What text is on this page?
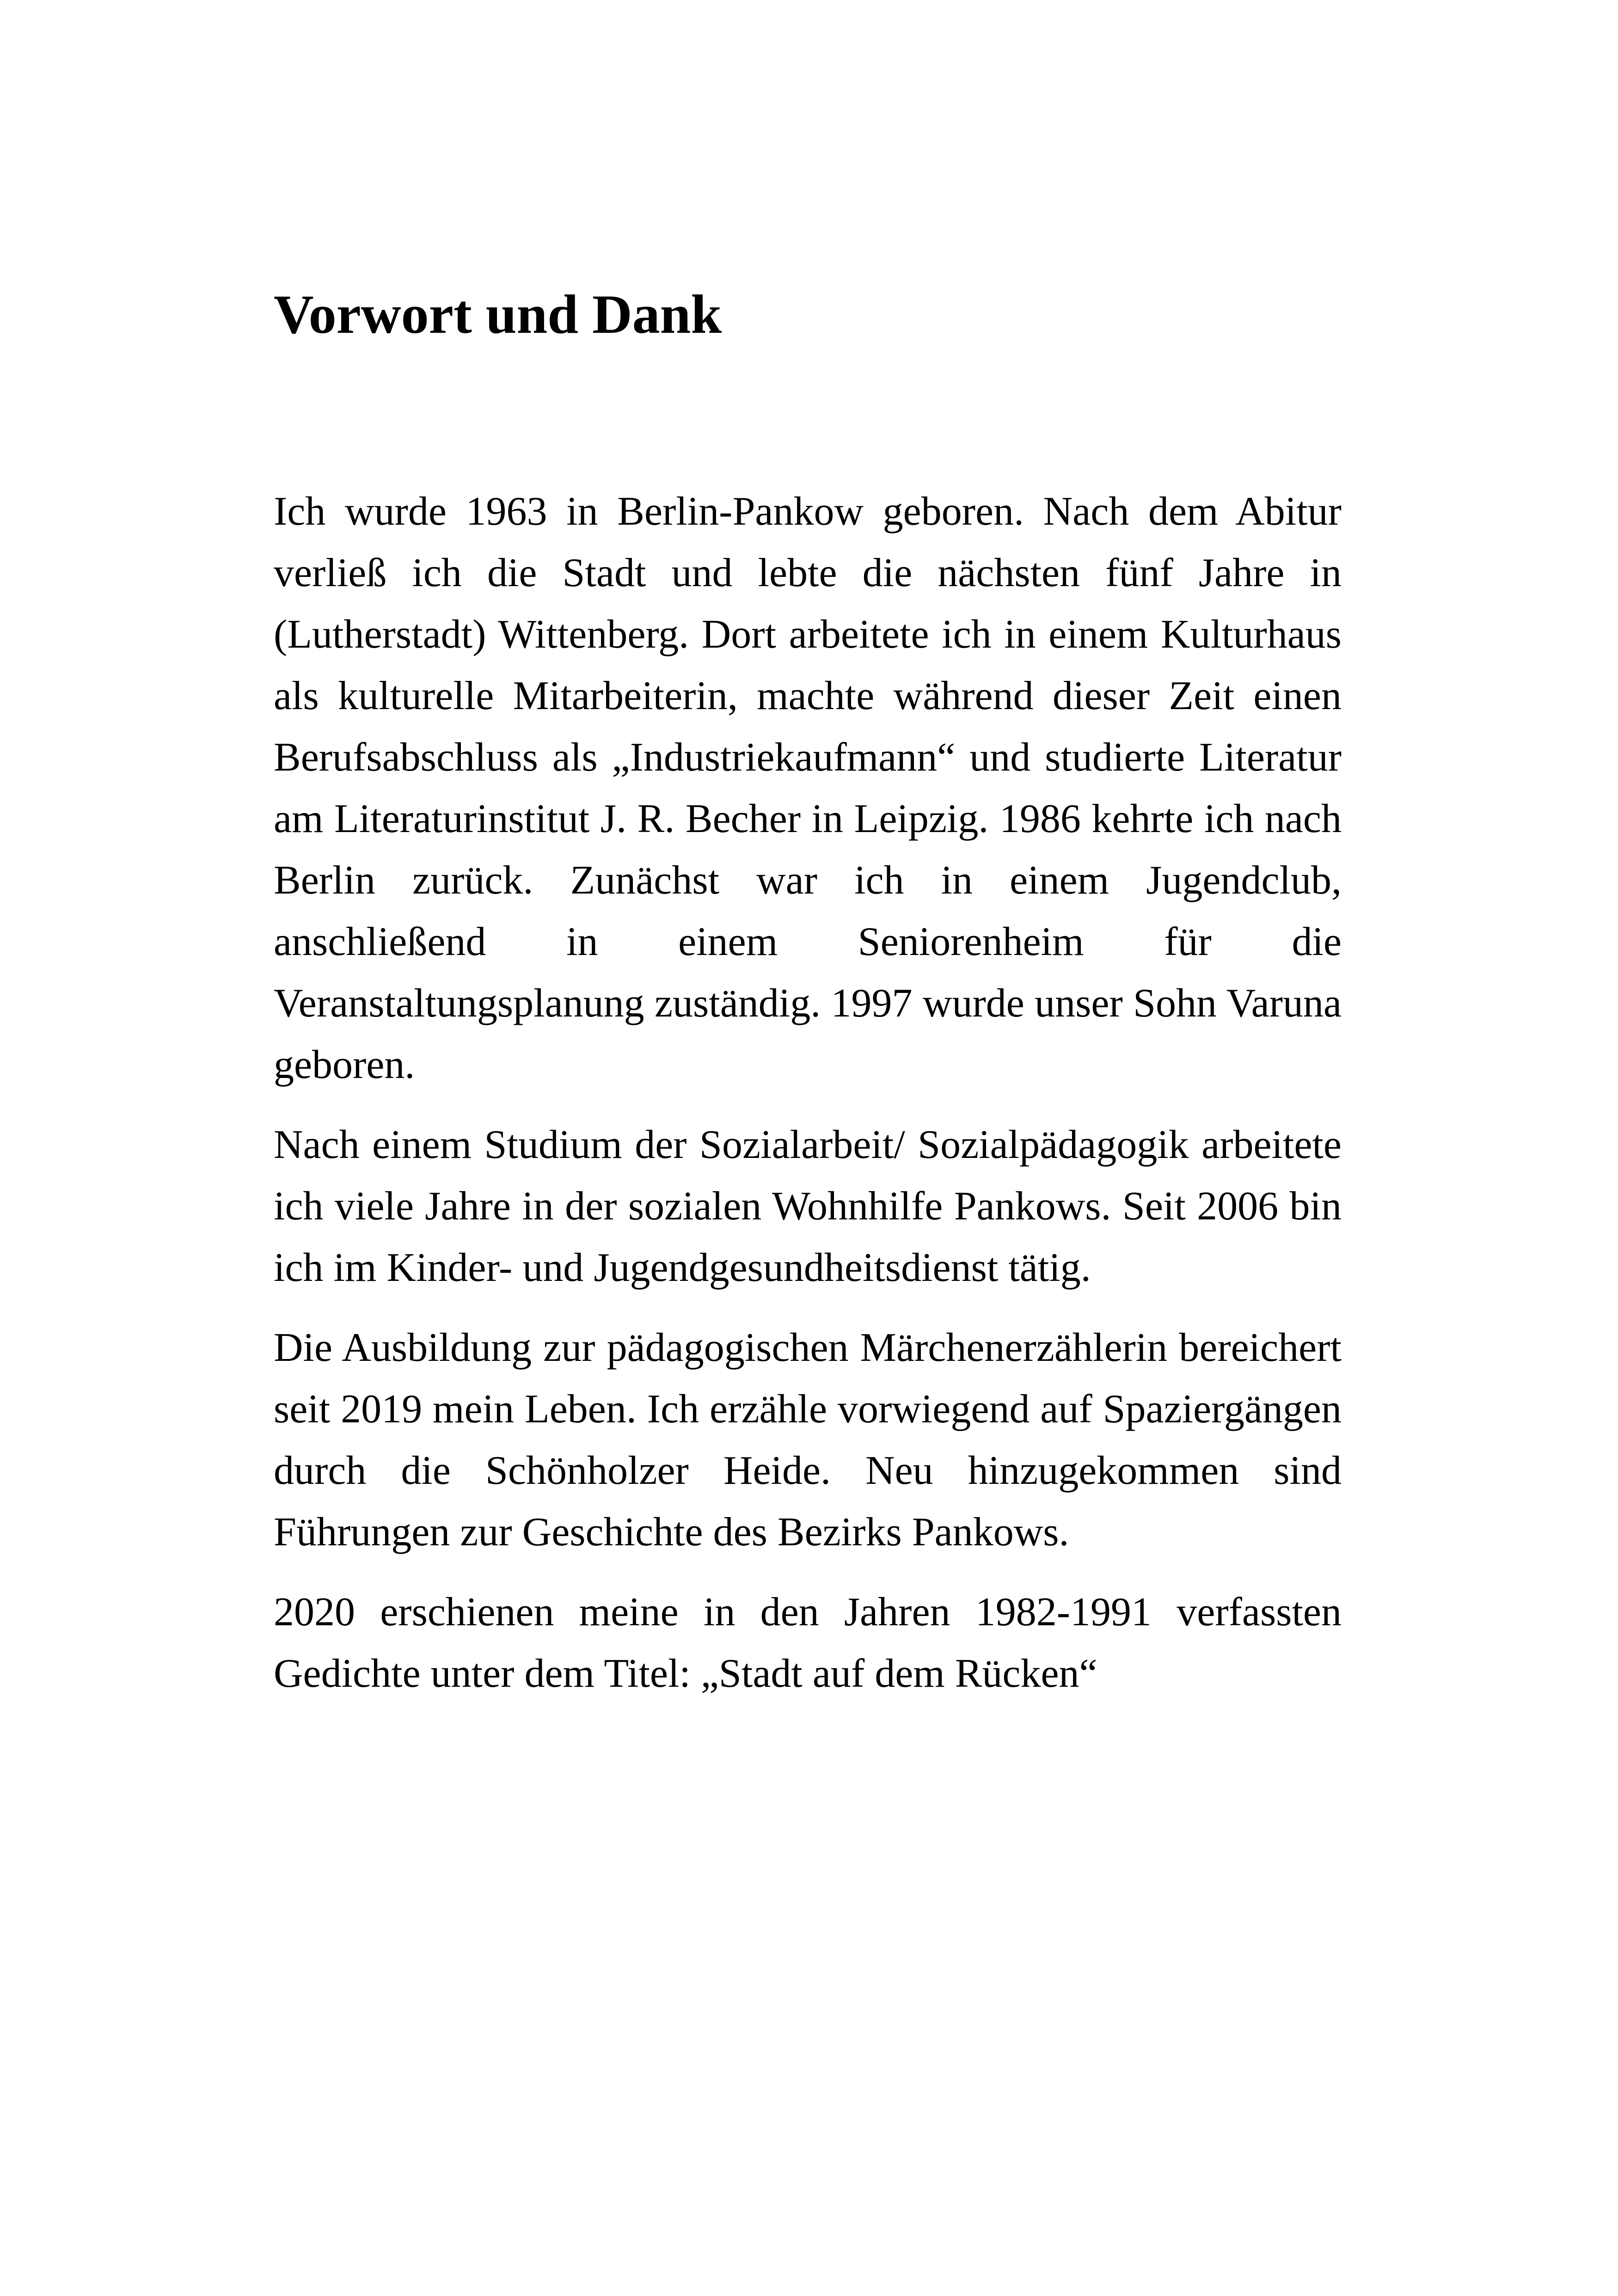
Vorwort und Dank

Ich wurde 1963 in Berlin-Pankow geboren. Nach dem Abitur verließ ich die Stadt und lebte die nächsten fünf Jahre in (Lutherstadt) Wittenberg. Dort arbeitete ich in einem Kulturhaus als kulturelle Mitarbeiterin, machte während dieser Zeit einen Berufsabschluss als „Industriekaufmann“ und studierte Literatur am Literaturinstitut J. R. Becher in Leipzig. 1986 kehrte ich nach Berlin zurück. Zunächst war ich in einem Jugendclub, anschließend in einem Seniorenheim für die Veranstaltungsplanung zuständig. 1997 wurde unser Sohn Varuna geboren.

Nach einem Studium der Sozialarbeit/ Sozialpädagogik arbeitete ich viele Jahre in der sozialen Wohnhilfe Pankows. Seit 2006 bin ich im Kinder- und Jugendgesundheitsdienst tätig.

Die Ausbildung zur pädagogischen Märchenerzählerin bereichert seit 2019 mein Leben. Ich erzähle vorwiegend auf Spaziergängen durch die Schönholzer Heide. Neu hinzugekommen sind Führungen zur Geschichte des Bezirks Pankows.

2020 erschienen meine in den Jahren 1982-1991 verfassten Gedichte unter dem Titel: „Stadt auf dem Rücken“
